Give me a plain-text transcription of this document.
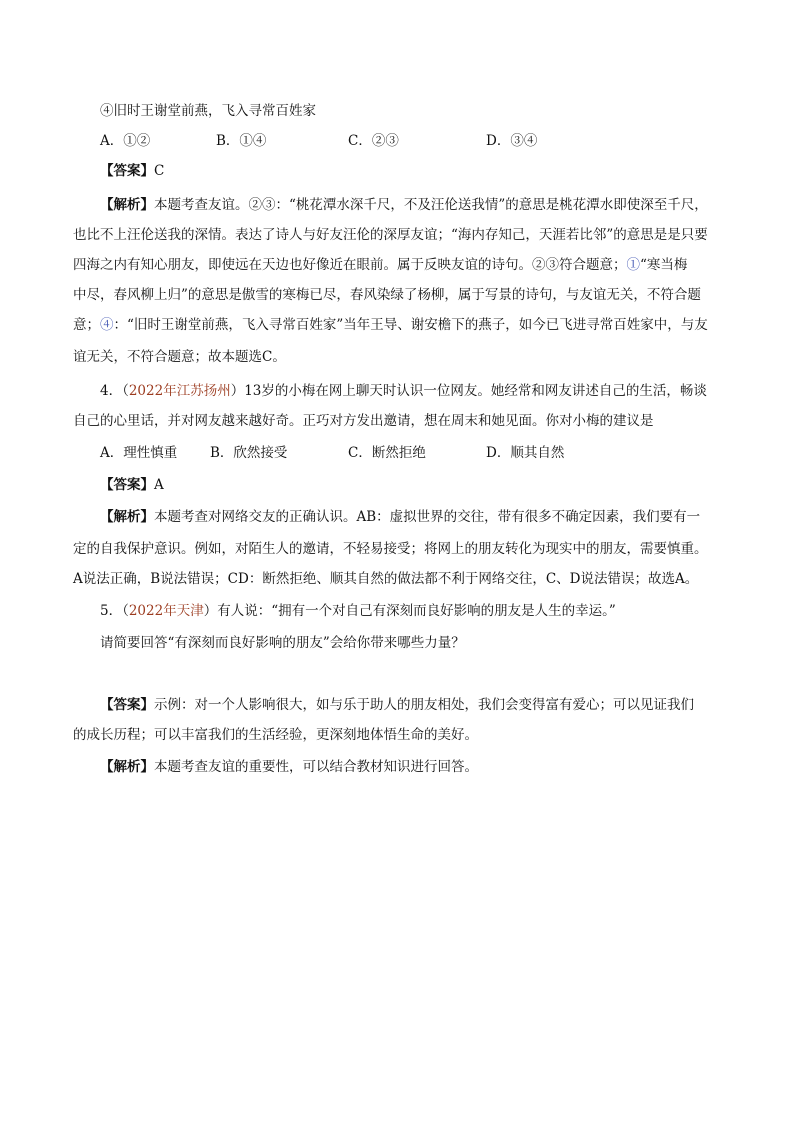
④旧时王谢堂前燕，飞入寻常百姓家

A．①②	B．①④	C．②③	D．③④

【答案】C

【解析】本题考查友谊。②③：“桃花潭水深千尺，不及汪伦送我情”的意思是桃花潭水即使深至千尺，

也比不上汪伦送我的深情。表达了诗人与好友汪伦的深厚友谊；“海内存知己，天涯若比邻”的意思是是只要

四海之内有知心朋友，即使远在天边也好像近在眼前。属于反映友谊的诗句。②③符合题意；①“寒当梅

中尽，春风柳上归”的意思是傲雪的寒梅已尽，春风染绿了杨柳，属于写景的诗句，与友谊无关，不符合题

意；④：“旧时王谢堂前燕，飞入寻常百姓家”当年王导、谢安檐下的燕子，如今已飞进寻常百姓家中，与友

谊无关，不符合题意；故本题选C。

4．（2022年江苏扬州）13岁的小梅在网上聊天时认识一位网友。她经常和网友讲述自己的生活，畅谈

自己的心里话，并对网友越来越好奇。正巧对方发出邀请，想在周末和她见面。你对小梅的建议是

A．理性慎重 B．欣然接受	C．断然拒绝	D．顺其自然

【答案】A

【解析】本题考查对网络交友的正确认识。AB：虚拟世界的交往，带有很多不确定因素，我们要有一

定的自我保护意识。例如，对陌生人的邀请，不轻易接受；将网上的朋友转化为现实中的朋友，需要慎重。

A说法正确，B说法错误；CD：断然拒绝、顺其自然的做法都不利于网络交往，C、D说法错误；故选A。

5．（2022年天津）有人说：“拥有一个对自己有深刻而良好影响的朋友是人生的幸运。”

请简要回答“有深刻而良好影响的朋友”会给你带来哪些力量？

【答案】示例：对一个人影响很大，如与乐于助人的朋友相处，我们会变得富有爱心；可以见证我们

的成长历程；可以丰富我们的生活经验，更深刻地体悟生命的美好。

【解析】本题考查友谊的重要性，可以结合教材知识进行回答。
